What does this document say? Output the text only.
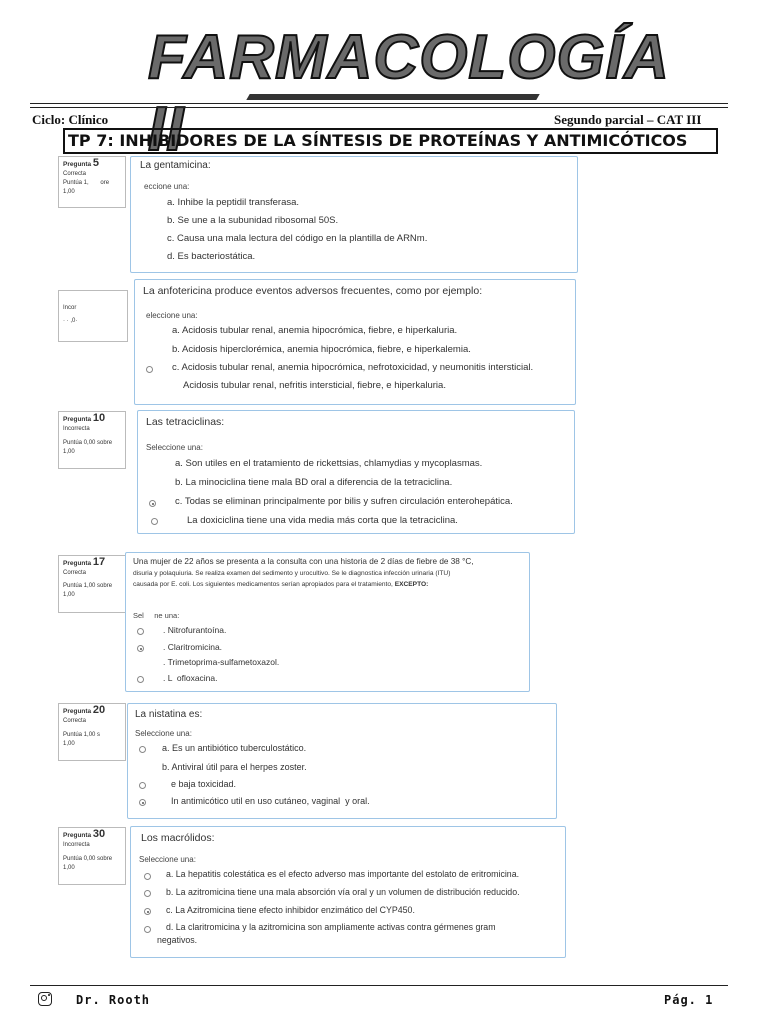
FARMACOLOGÍA II
Ciclo: Clínico	Segundo parcial – CAT III
TP 7: INHIBIDORES DE LA SÍNTESIS DE PROTEÍNAS Y ANTIMICÓTICOS
Pregunta 5
Correcta
Puntúa 1, ore
1,00
La gentamicina:
eccione una:
a. Inhibe la peptidil transferasa.
b. Se une a la subunidad ribosomal 50S.
c. Causa una mala lectura del código en la plantilla de ARNm.
d. Es bacteriostática.
Incor
· · ,0·
La anfotericina produce eventos adversos frecuentes, como por ejemplo:
eleccione una:
a. Acidosis tubular renal, anemia hipocrómica, fiebre, e hiperkaluria.
b. Acidosis hiperclorémica, anemia hipocrómica, fiebre, e hiperkalemia.
c. Acidosis tubular renal, anemia hipocrómica, nefrotoxicidad, y neumonitis intersticial.
Acidosis tubular renal, nefritis intersticial, fiebre, e hiperkaluria.
Pregunta 10
Incorrecta
Puntúa 0,00 sobre
1,00
Las tetraciclinas:
Seleccione una:
a. Son utiles en el tratamiento de rickettsias, chlamydias y mycoplasmas.
b. La minociclina tiene mala BD oral a diferencia de la tetraciclina.
c. Todas se eliminan principalmente por bilis y sufren circulación enterohepática.
La doxiciclina tiene una vida media más corta que la tetraciclina.
Pregunta 17
Correcta
Puntúa 1,00 sobre
1,00
Una mujer de 22 años se presenta a la consulta con una historia de 2 días de fiebre de 38 °C,
disuria y polaquiuria. Se realiza examen del sedimento y urocultivo. Se le diagnostica infección urinaria (ITU)
causada por E. coli. Los siguientes medicamentos serían apropiados para el tratamiento, EXCEPTO:
Sel     ne una:
. Nitrofurantoína.
. Claritromicina.
. Trimetoprima-sulfametoxazol.
. L  ofloxacina.
Pregunta 20
Correcta
Puntúa 1,00 s
1,00
La nistatina es:
Seleccione una:
a. Es un antibiótico tuberculostático.
b. Antiviral útil para el herpes zoster.
e baja toxicidad.
In antimicótico util en uso cutáneo, vaginal  y oral.
Pregunta 30
Incorrecta
Puntúa 0,00 sobre
1,00
Los macrólidos:
Seleccione una:
a. La hepatitis colestática es el efecto adverso mas importante del estolato de eritromicina.
b. La azitromicina tiene una mala absorción vía oral y un volumen de distribución reducido.
c. La Azitromicina tiene efecto inhibidor enzimático del CYP450.
d. La claritromicina y la azitromicina son ampliamente activas contra gérmenes gram
negativos.
Dr. Rooth	Pág. 1
